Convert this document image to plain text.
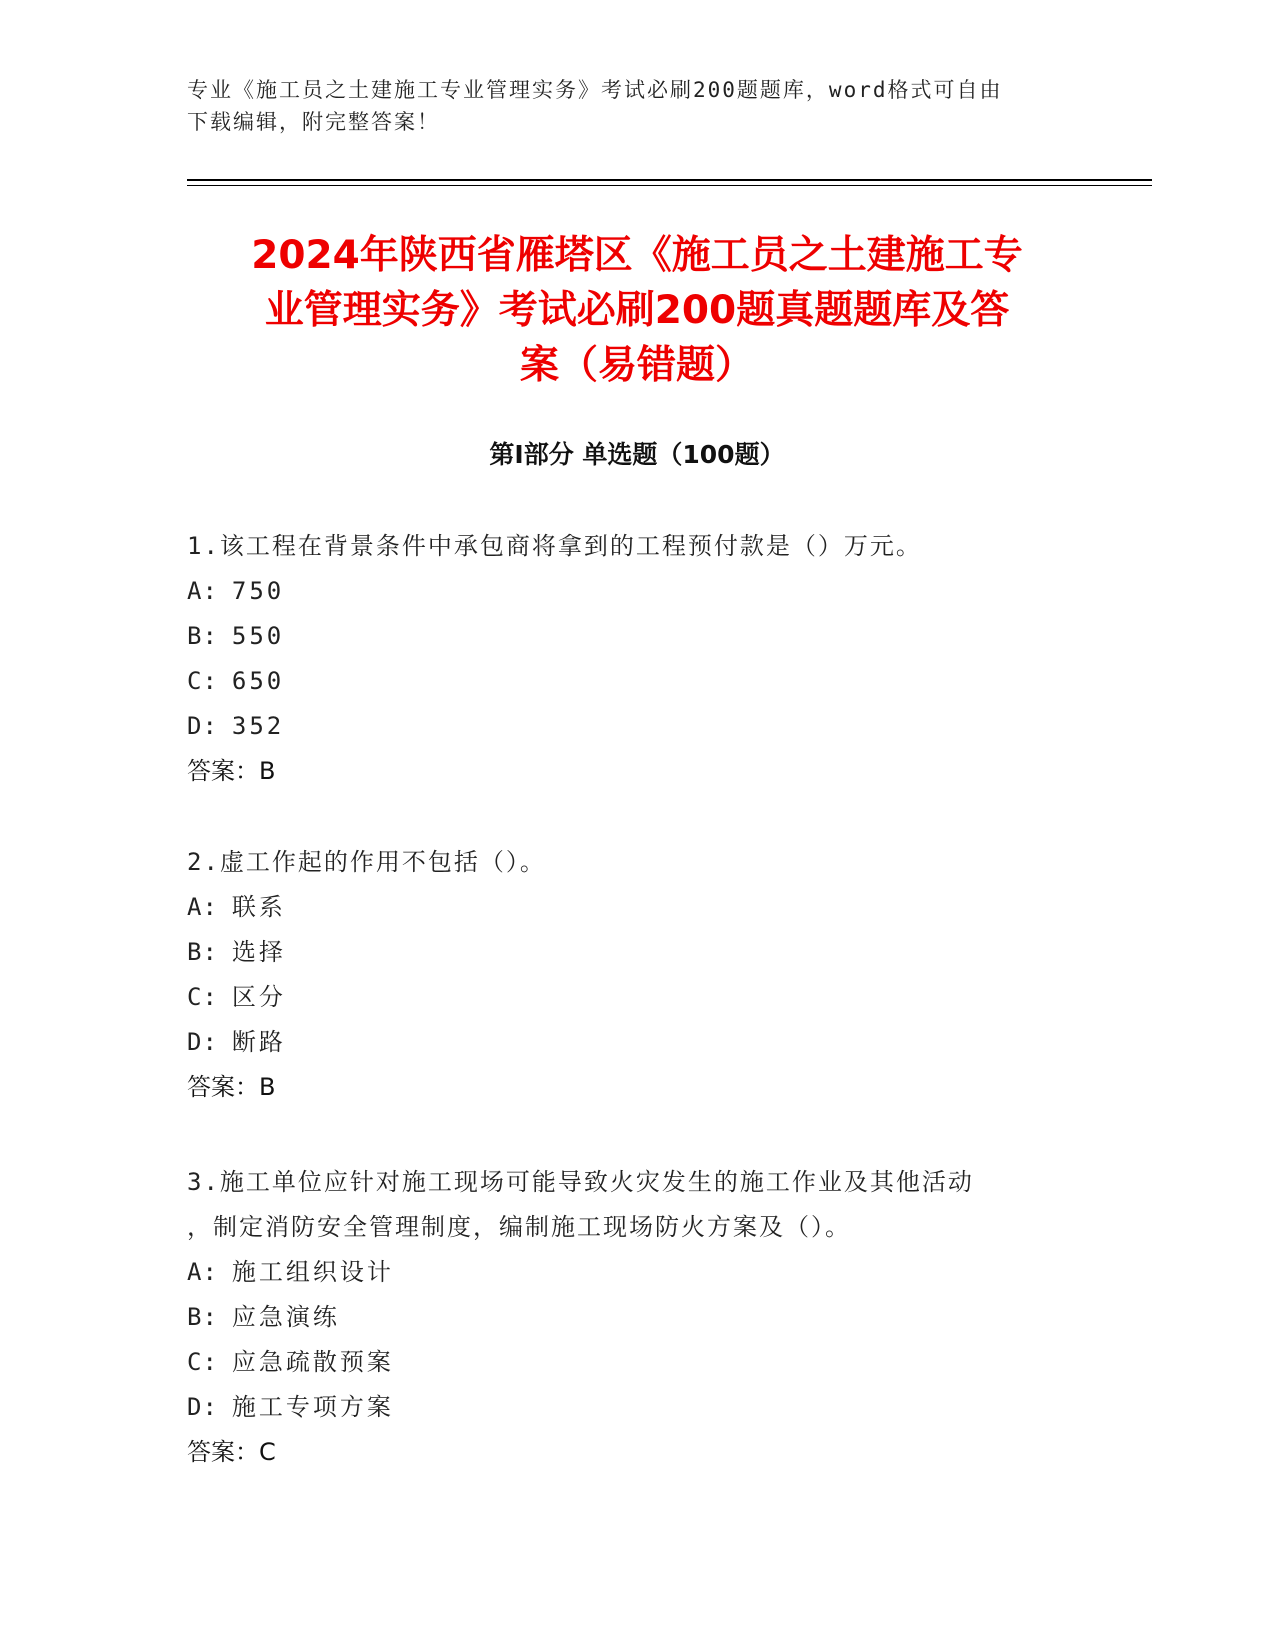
专业《施工员之土建施工专业管理实务》考试必刷200题题库，word格式可自由
下载编辑，附完整答案！
2024年陕西省雁塔区《施工员之土建施工专
业管理实务》考试必刷200题真题题库及答
案（易错题）
第Ⅰ部分 单选题（100题）
1.该工程在背景条件中承包商将拿到的工程预付款是（）万元。
A: 750
B: 550
C: 650
D: 352
答案：B
2.虚工作起的作用不包括（）。
A: 联系
B: 选择
C: 区分
D: 断路
答案：B
3.施工单位应针对施工现场可能导致火灾发生的施工作业及其他活动
，制定消防安全管理制度，编制施工现场防火方案及（）。
A: 施工组织设计
B: 应急演练
C: 应急疏散预案
D: 施工专项方案
答案：C
